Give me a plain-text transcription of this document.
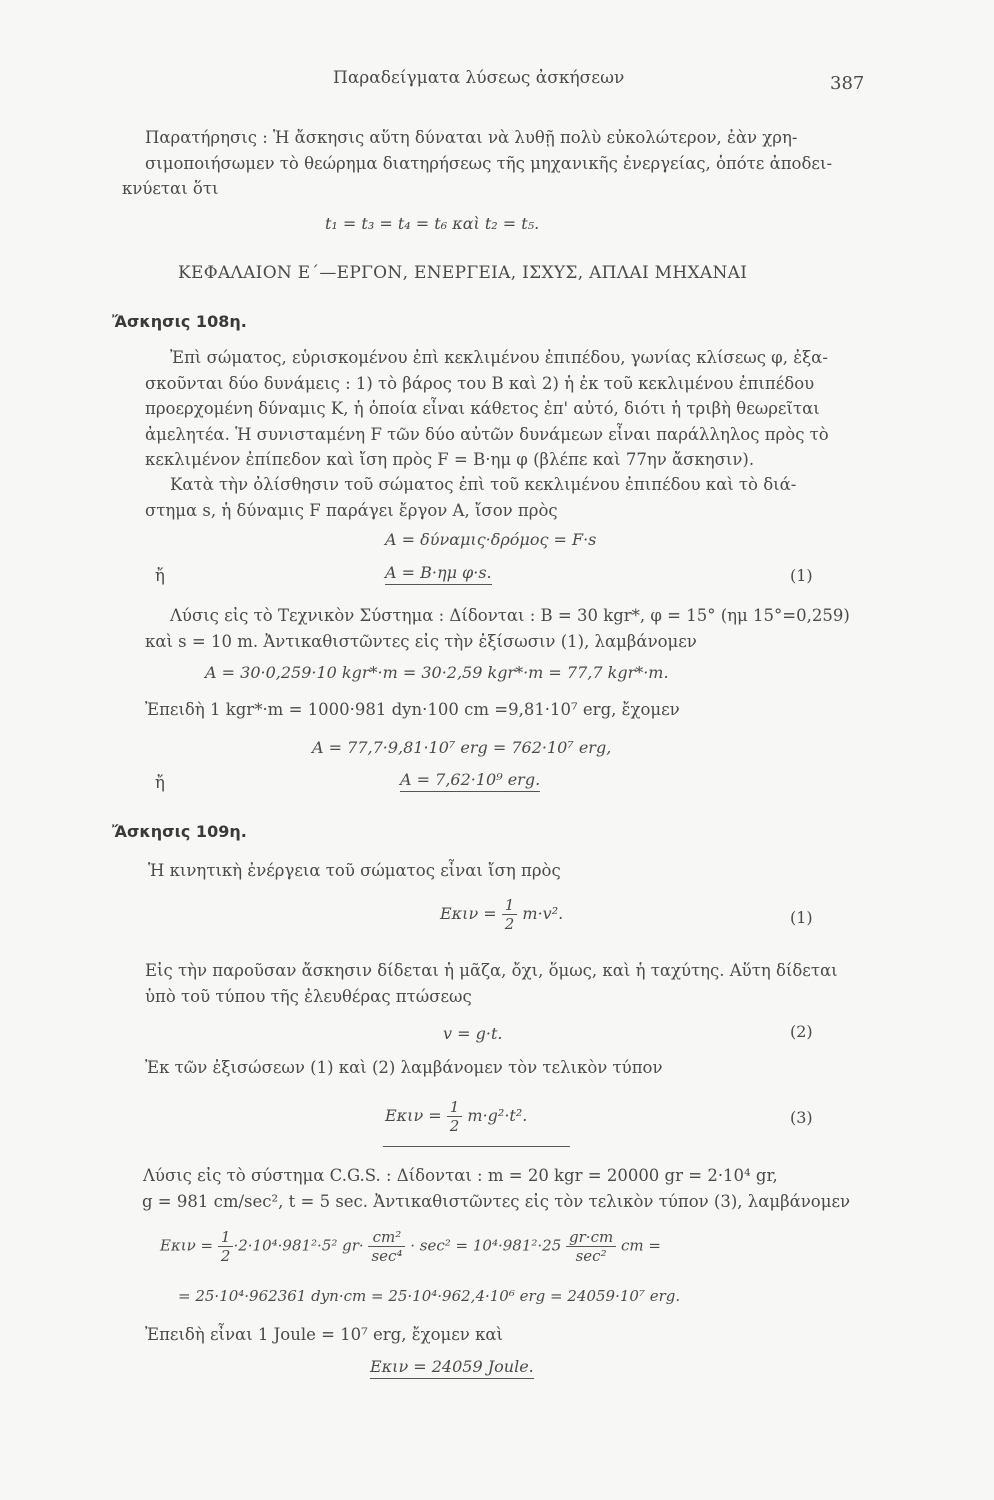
Παραδείγματα λύσεως ἀσκήσεων	387
Παρατήρησις : Ἡ ἄσκησις αὕτη δύναται νὰ λυθῇ πολὺ εὐκολώτερον, ἐὰν χρη-
σιμοποιήσωμεν τὸ θεώρημα διατηρήσεως τῆς μηχανικῆς ἐνεργείας, ὁπότε ἀποδει-
κνύεται ὅτι
t₁ = t₃ = t₄ = t₆ καὶ t₂ = t₅.
ΚΕΦΑΛΑΙΟΝ Ε΄—ΕΡΓΟΝ, ΕΝΕΡΓΕΙΑ, ΙΣΧΥΣ, ΑΠΛΑΙ ΜΗΧΑΝΑΙ
Ἄσκησις 108η.
Ἐπὶ σώματος, εὑρισκομένου ἐπὶ κεκλιμένου ἐπιπέδου, γωνίας κλίσεως φ, ἐξα-
σκοῦνται δύο δυνάμεις : 1) τὸ βάρος του B καὶ 2) ἡ ἐκ τοῦ κεκλιμένου ἐπιπέδου
προερχομένη δύναμις K, ἡ ὁποία εἶναι κάθετος ἐπ' αὐτό, διότι ἡ τριβὴ θεωρεῖται
ἀμελητέα. Ἡ συνισταμένη F τῶν δύο αὐτῶν δυνάμεων εἶναι παράλληλος πρὸς τὸ
κεκλιμένον ἐπίπεδον καὶ ἴση πρὸς F = B·ημ φ (βλέπε καὶ 77ην ἄσκησιν).
Κατὰ τὴν ὀλίσθησιν τοῦ σώματος ἐπὶ τοῦ κεκλιμένου ἐπιπέδου καὶ τὸ διά-
στημα s, ἡ δύναμις F παράγει ἔργον A, ἴσον πρὸς
A = δύναμις·δρόμος = F·s
ἤ	A = B·ημ φ·s.	(1)
Λύσις εἰς τὸ Τεχνικὸν Σύστημα : Δίδονται : B = 30 kgr*, φ = 15° (ημ 15°=0,259)
καὶ s = 10 m. Ἀντικαθιστῶντες εἰς τὴν ἐξίσωσιν (1), λαμβάνομεν
A = 30·0,259·10 kgr*·m = 30·2,59 kgr*·m = 77,7 kgr*·m.
Ἐπειδὴ 1 kgr*·m = 1000·981 dyn·100 cm =9,81·10⁷ erg, ἔχομεν
A = 77,7·9,81·10⁷ erg = 762·10⁷ erg,
ἤ	A = 7,62·10⁹ erg.
Ἄσκησις 109η.
Ἡ κινητικὴ ἐνέργεια τοῦ σώματος εἶναι ἴση πρὸς
$E\kappa\iota\nu = \frac{1}{2} m\cdot v^2$.	(1)
Εἰς τὴν παροῦσαν ἄσκησιν δίδεται ἡ μᾶζα, ὄχι, ὅμως, καὶ ἡ ταχύτης. Αὕτη δίδεται
ὑπὸ τοῦ τύπου τῆς ἐλευθέρας πτώσεως
v = g·t.	(2)
Ἐκ τῶν ἐξισώσεων (1) καὶ (2) λαμβάνομεν τὸν τελικὸν τύπον
$E\kappa\iota\nu = \frac{1}{2} m\cdot g^2\cdot t^2$.	(3)
Λύσις εἰς τὸ σύστημα C.G.S. : Δίδονται : m = 20 kgr = 20000 gr = 2·10⁴ gr,
g = 981 cm/sec², t = 5 sec. Ἀντικαθιστῶντες εἰς τὸν τελικὸν τύπον (3), λαμβάνομεν
$E\kappa\iota\nu = \frac{1}{2} \cdot 2\cdot 10^4\cdot 981^2\cdot 5^2$ $gr\cdot \frac{\text{cm²}}{\text{sec⁴}} \cdot \sec^2 = 10^4\cdot 981^2\cdot 25 \frac{gr\cdot cm}{\text{sec²}}$ cm =
= 25·10⁴·962361 dyn·cm = 25·10⁴·962,4·10⁶ erg = 24059·10⁷ erg.
Ἐπειδὴ εἶναι 1 Joule = 10⁷ erg, ἔχομεν καὶ
Eκιν = 24059 Joule.
